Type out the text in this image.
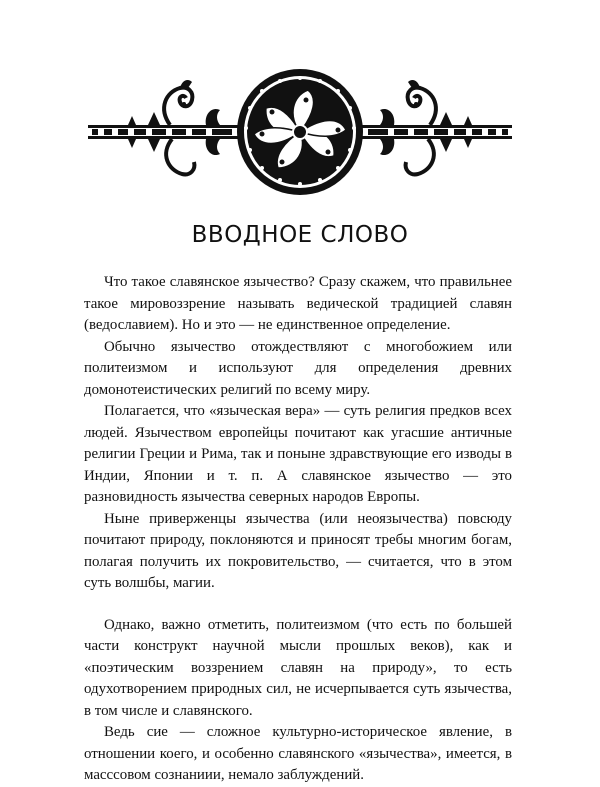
ВВОДНОЕ СЛОВО

Что такое славянское язычество? Сразу скажем, что правильнее такое мировоззрение называть ведической традицией славян (ведославием). Но и это — не единственное определение.

Обычно язычество отождествляют с многобожием или политеизмом и используют для определения древних домонотеистических религий по всему миру.

Полагается, что «языческая вера» — суть религия предков всех людей. Язычеством европейцы почитают как угасшие античные религии Греции и Рима, так и поныне здравствующие его изводы в Индии, Японии и т. п. А славянское язычество — это разновидность язычества северных народов Европы.

Ныне приверженцы язычества (или неоязычества) повсюду почитают природу, поклоняются и приносят требы многим богам, полагая получить их покровительство, — считается, что в этом суть волшбы, магии.

Однако, важно отметить, политеизмом (что есть по большей части конструкт научной мысли прошлых веков), как и «поэтическим воззрением славян на природу», то есть одухотворением природных сил, не исчерпывается суть язычества, в том числе и славянского.

Ведь сие — сложное культурно-историческое явление, в отношении коего, и особенно славянского «язычества», имеется, в масссовом сознаниии, немало заблуждений.
